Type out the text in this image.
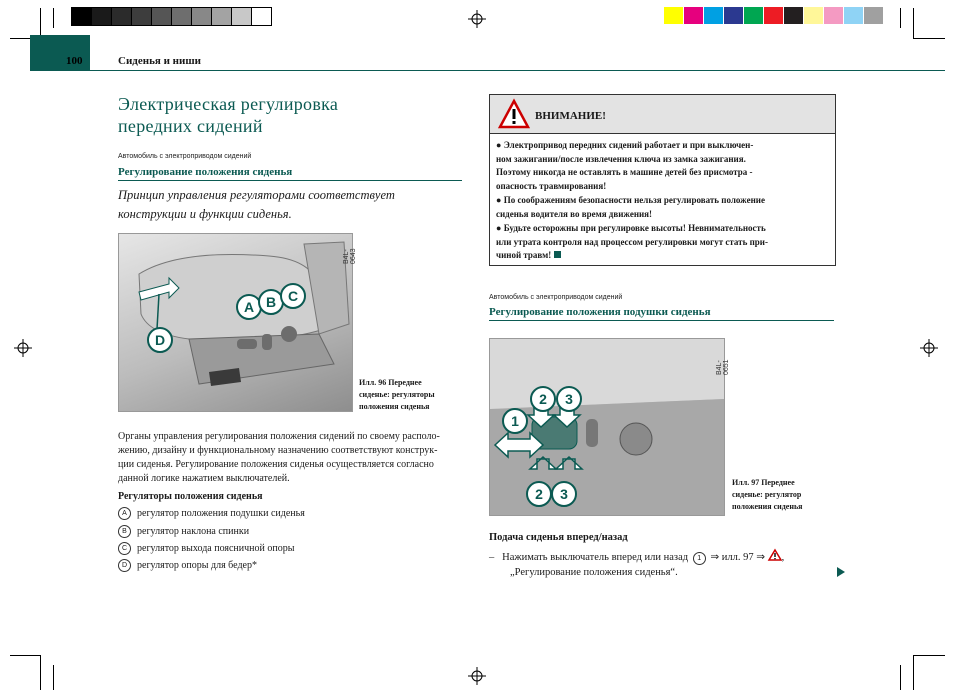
100	Сиденья и ниши
Электрическая регулировка
передних сидений
Автомобиль с электроприводом сидений
Регулирование положения сиденья
Принцип управления регуляторами соответствует
конструкции и функции сиденья.
A B C
D
B4L-0643
Илл. 96 Переднее
сиденье: регуляторы
положения сиденья
Органы управления регулирования положения сидений по своему располо-
жению, дизайну и функциональному назначению соответствуют конструк-
ции сиденья. Регулирование положения сиденья осуществляется согласно
данной логике нажатием выключателей.
Регуляторы положения сиденья
A	регулятор положения подушки сиденья
B	регулятор наклона спинки
C регулятор выхода поясничной опоры
D регулятор опоры для бедер*
ВНИМАНИЕ!
● Электропривод передних сидений работает и при выключен-
ном зажигании/после извлечения ключа из замка зажигания.
Поэтому никогда не оставлять в машине детей без присмотра -
опасность травмирования!
● По соображениям безопасности нельзя регулировать положение
сиденья водителя во время движения!
● Будьте осторожны при регулировке высоты! Невнимательность
или утрата контроля над процессом регулировки могут стать при-
чиной травм!
Автомобиль с электроприводом сидений
Регулирование положения подушки сиденья
1
2	3
2	3
B4L-0651
Илл. 97 Переднее
сиденье: регулятор
положения сиденья
Подача сиденья вперед/назад
– Нажимать выключатель вперед или назад 1 ⇒ илл. 97 ⇒ ,
„Регулирование положения сиденья“.
